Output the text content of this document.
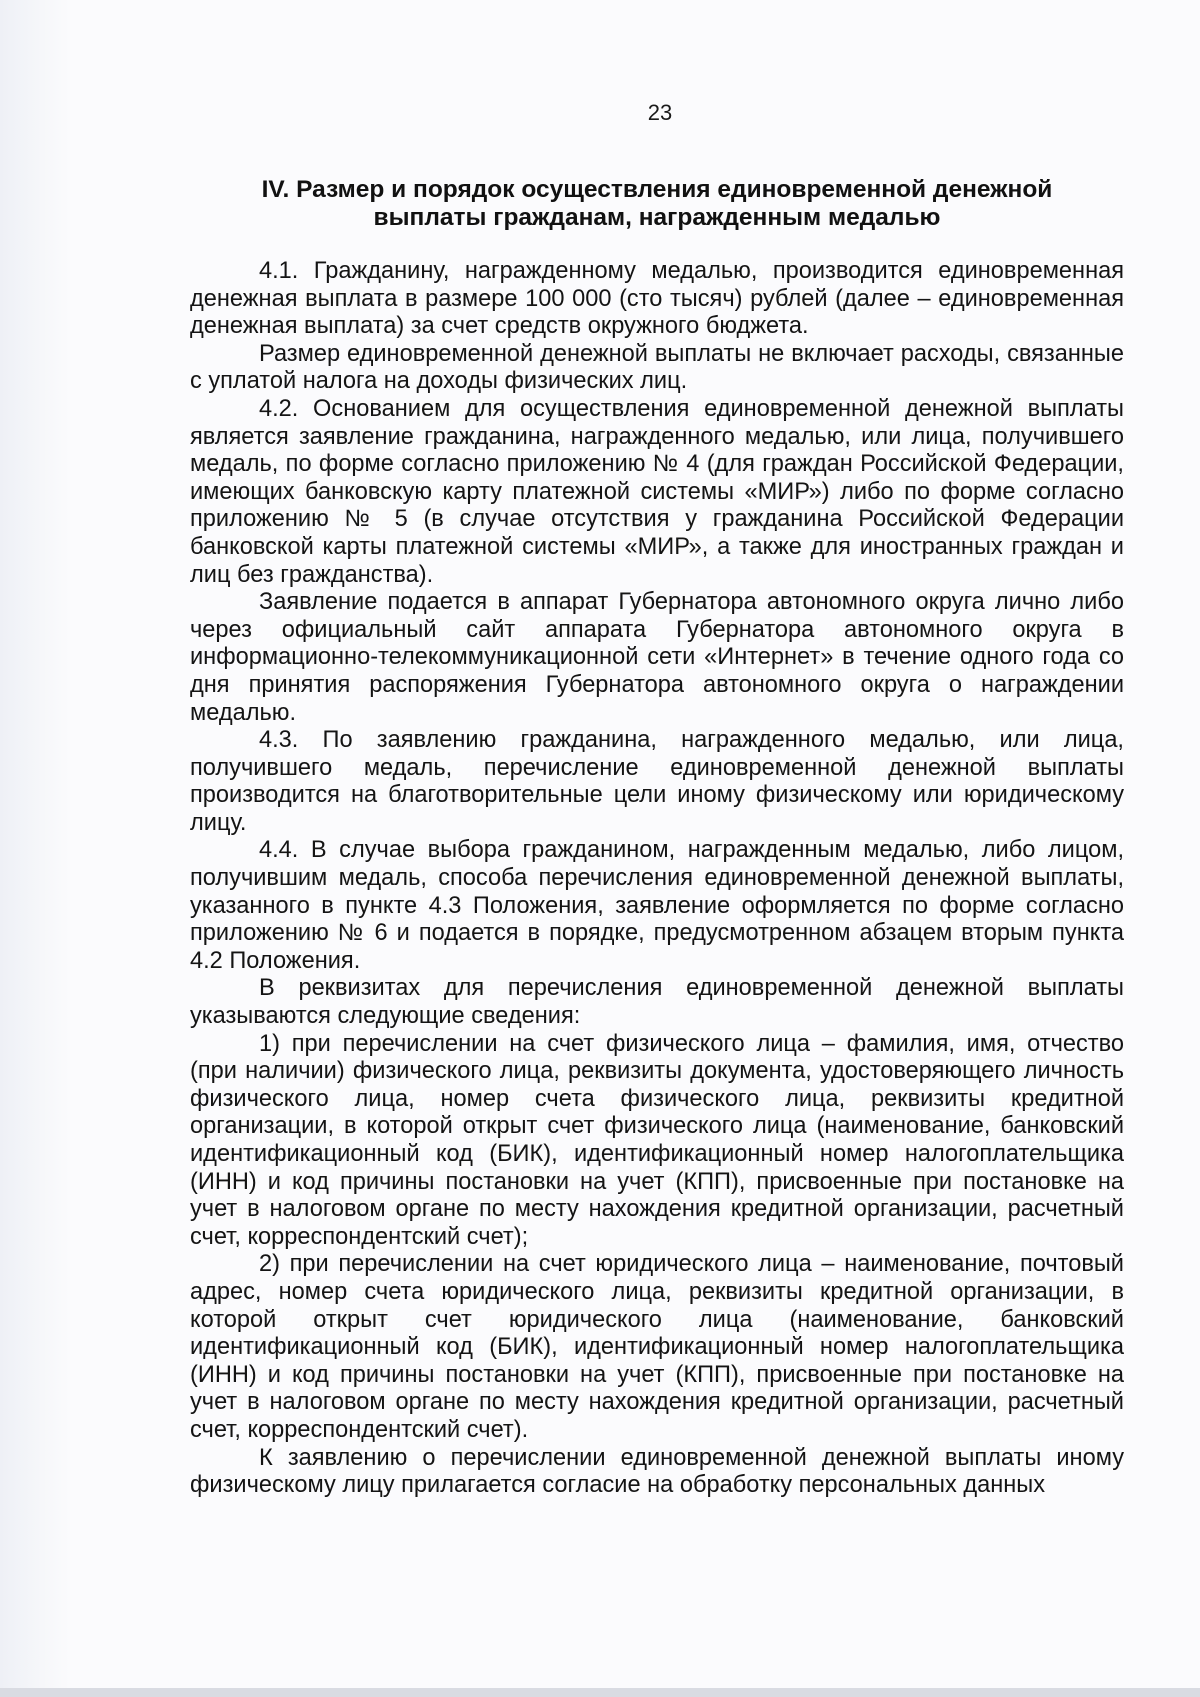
23
IV. Размер и порядок осуществления единовременной денежной
выплаты гражданам, награжденным медалью

4.1. Гражданину, награжденному медалью, производится единовременная денежная выплата в размере 100 000 (сто тысяч) рублей (далее – единовременная денежная выплата) за счет средств окружного бюджета.

Размер единовременной денежной выплаты не включает расходы, связанные с уплатой налога на доходы физических лиц.

4.2. Основанием для осуществления единовременной денежной выплаты является заявление гражданина, награжденного медалью, или лица, получившего медаль, по форме согласно приложению № 4 (для граждан Российской Федерации, имеющих банковскую карту платежной системы «МИР») либо по форме согласно приложению № 5 (в случае отсутствия у гражданина Российской Федерации банковской карты платежной системы «МИР», а также для иностранных граждан и лиц без гражданства).

Заявление подается в аппарат Губернатора автономного округа лично либо через официальный сайт аппарата Губернатора автономного округа в информационно-телекоммуникационной сети «Интернет» в течение одного года со дня принятия распоряжения Губернатора автономного округа о награждении медалью.

4.3. По заявлению гражданина, награжденного медалью, или лица, получившего медаль, перечисление единовременной денежной выплаты производится на благотворительные цели иному физическому или юридическому лицу.

4.4. В случае выбора гражданином, награжденным медалью, либо лицом, получившим медаль, способа перечисления единовременной денежной выплаты, указанного в пункте 4.3 Положения, заявление оформляется по форме согласно приложению № 6 и подается в порядке, предусмотренном абзацем вторым пункта 4.2 Положения.

В реквизитах для перечисления единовременной денежной выплаты указываются следующие сведения:

1) при перечислении на счет физического лица – фамилия, имя, отчество (при наличии) физического лица, реквизиты документа, удостоверяющего личность физического лица, номер счета физического лица, реквизиты кредитной организации, в которой открыт счет физического лица (наименование, банковский идентификационный код (БИК), идентификационный номер налогоплательщика (ИНН) и код причины постановки на учет (КПП), присвоенные при постановке на учет в налоговом органе по месту нахождения кредитной организации, расчетный счет, корреспондентский счет);

2) при перечислении на счет юридического лица – наименование, почтовый адрес, номер счета юридического лица, реквизиты кредитной организации, в которой открыт счет юридического лица (наименование, банковский идентификационный код (БИК), идентификационный номер налогоплательщика (ИНН) и код причины постановки на учет (КПП), присвоенные при постановке на учет в налоговом органе по месту нахождения кредитной организации, расчетный счет, корреспондентский счет).

К заявлению о перечислении единовременной денежной выплаты иному физическому лицу прилагается согласие на обработку персональных данных
